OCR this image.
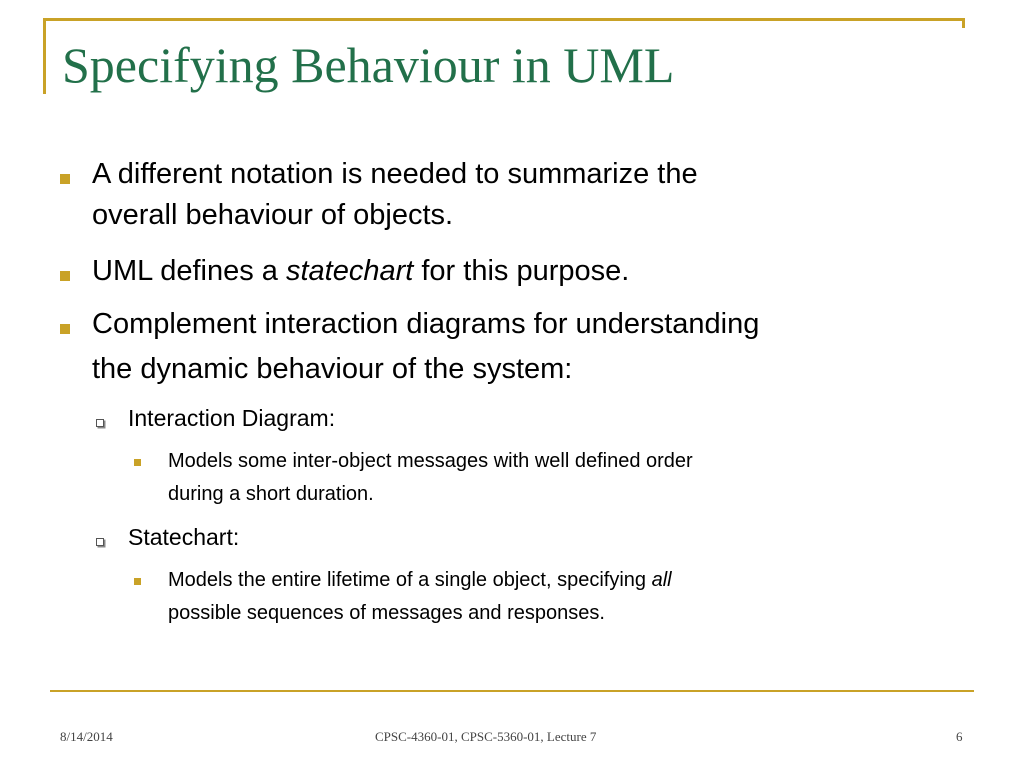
Specifying Behaviour in UML
A different notation is needed to summarize the
overall behaviour of objects.
UML defines a statechart for this purpose.
Complement interaction diagrams for understanding
the dynamic behaviour of the system:
Interaction Diagram:
Models some inter-object messages with well defined order
during a short duration.
Statechart:
Models the entire lifetime of a single object, specifying all
possible sequences of messages and responses.
8/14/2014	CPSC-4360-01, CPSC-5360-01, Lecture 7	6
